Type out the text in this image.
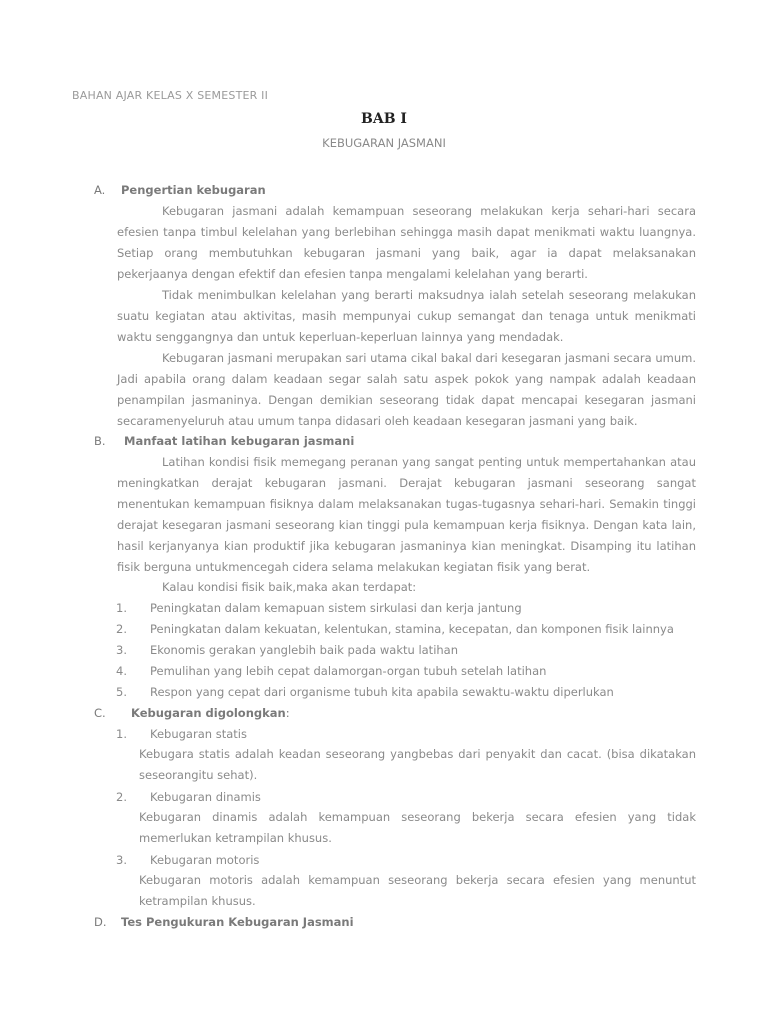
BAHAN AJAR KELAS X SEMESTER II
BAB I
KEBUGARAN JASMANI
A. Pengertian kebugaran
Kebugaran jasmani adalah kemampuan seseorang melakukan kerja sehari-hari secara efesien tanpa timbul kelelahan yang berlebihan sehingga masih dapat menikmati waktu luangnya. Setiap orang membutuhkan kebugaran jasmani yang baik, agar ia dapat melaksanakan pekerjaanya dengan efektif dan efesien tanpa mengalami kelelahan yang berarti.
Tidak menimbulkan kelelahan yang berarti maksudnya ialah setelah seseorang melakukan suatu kegiatan atau aktivitas, masih mempunyai cukup semangat dan tenaga untuk menikmati waktu senggangnya dan untuk keperluan-keperluan lainnya yang mendadak.
Kebugaran jasmani merupakan sari utama cikal bakal dari kesegaran jasmani secara umum. Jadi apabila orang dalam keadaan segar salah satu aspek pokok yang nampak adalah keadaan penampilan jasmaninya. Dengan demikian seseorang tidak dapat mencapai kesegaran jasmani secaramenyeluruh atau umum tanpa didasari oleh keadaan kesegaran jasmani yang baik.
B. Manfaat latihan kebugaran jasmani
Latihan kondisi fisik memegang peranan yang sangat penting untuk mempertahankan atau meningkatkan derajat kebugaran jasmani. Derajat kebugaran jasmani seseorang sangat menentukan kemampuan fisiknya dalam melaksanakan tugas-tugasnya sehari-hari. Semakin tinggi derajat kesegaran jasmani seseorang kian tinggi pula kemampuan kerja fisiknya. Dengan kata lain, hasil kerjanyanya kian produktif jika kebugaran jasmaninya kian meningkat. Disamping itu latihan fisik berguna untukmencegah cidera selama melakukan kegiatan fisik yang berat.
Kalau kondisi fisik baik,maka akan terdapat:
1. Peningkatan dalam kemapuan sistem sirkulasi dan kerja jantung
2. Peningkatan dalam kekuatan, kelentukan, stamina, kecepatan, dan komponen fisik lainnya
3. Ekonomis gerakan yanglebih baik pada waktu latihan
4. Pemulihan yang lebih cepat dalamorgan-organ tubuh setelah latihan
5. Respon yang cepat dari organisme tubuh kita apabila sewaktu-waktu diperlukan
C. Kebugaran digolongkan:
1. Kebugaran statis
Kebugara statis adalah keadan seseorang yangbebas dari penyakit dan cacat. (bisa dikatakan seseorangitu sehat).
2. Kebugaran dinamis
Kebugaran dinamis adalah kemampuan seseorang bekerja secara efesien yang tidak memerlukan ketrampilan khusus.
3. Kebugaran motoris
Kebugaran motoris adalah kemampuan seseorang bekerja secara efesien yang menuntut ketrampilan khusus.
D. Tes Pengukuran Kebugaran Jasmani
